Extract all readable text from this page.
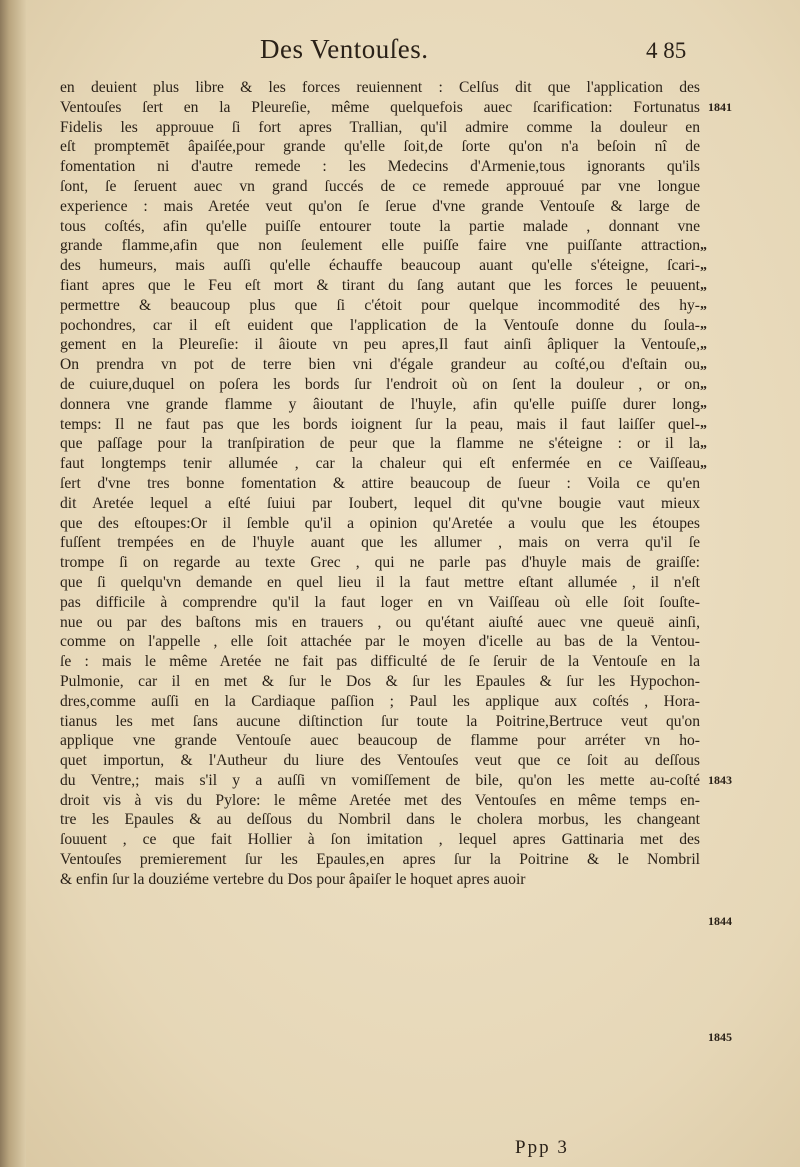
Des Ventouſes.	4 85
en deuient plus libre & les forces reuiennent : Celſus dit que l'application des
Ventouſes ſert en la Pleureſie, même quelquefois auec ſcarification: Fortunatus
Fidelis les approuue ſi fort apres Trallian, qu'il admire comme la douleur en
eſt promptemēt âpaiſée,pour grande qu'elle ſoit,de ſorte qu'on n'a beſoin nî de
fomentation ni d'autre remede : les Medecins d'Armenie,tous ignorants qu'ils
ſont, ſe ſeruent auec vn grand ſuccés de ce remede approuué par vne longue
experience : mais Aretée veut qu'on ſe ſerue d'vne grande Ventouſe & large de
tous coſtés, afin qu'elle puiſſe entourer toute la partie malade , donnant vne
grande flamme,afin que non ſeulement elle puiſſe faire vne puiſſante attraction
des humeurs, mais auſſi qu'elle échauffe beaucoup auant qu'elle s'éteigne, ſcari-
fiant apres que le Feu eſt mort & tirant du ſang autant que les forces le peuuent
permettre & beaucoup plus que ſi c'étoit pour quelque incommodité des hy-
pochondres, car il eſt euident que l'application de la Ventouſe donne du ſoula-
gement en la Pleureſie: il âioute vn peu apres,Il faut ainſi âpliquer la Ventouſe,
On prendra vn pot de terre bien vni d'égale grandeur au coſté,ou d'eſtain ou
de cuiure,duquel on poſera les bords ſur l'endroit où on ſent la douleur , or on
donnera vne grande flamme y âioutant de l'huyle, afin qu'elle puiſſe durer long
temps: Il ne faut pas que les bords ioignent ſur la peau, mais il faut laiſſer quel-
que paſſage pour la tranſpiration de peur que la flamme ne s'éteigne : or il la
faut longtemps tenir allumée , car la chaleur qui eſt enfermée en ce Vaiſſeau
ſert d'vne tres bonne fomentation & attire beaucoup de ſueur : Voila ce qu'en
dit Aretée lequel a eſté ſuiui par Ioubert, lequel dit qu'vne bougie vaut mieux
que des eſtoupes:Or il ſemble qu'il a opinion qu'Aretée a voulu que les étoupes
fuſſent trempées en de l'huyle auant que les allumer , mais on verra qu'il ſe
trompe ſi on regarde au texte Grec , qui ne parle pas d'huyle mais de graiſſe:
que ſi quelqu'vn demande en quel lieu il la faut mettre eſtant allumée , il n'eſt
pas difficile à comprendre qu'il la faut loger en vn Vaiſſeau où elle ſoit ſouſte-
nue ou par des baſtons mis en trauers , ou qu'étant aiuſté auec vne queuë ainſi,
comme on l'appelle , elle ſoit attachée par le moyen d'icelle au bas de la Ventou-
ſe : mais le même Aretée ne fait pas difficulté de ſe ſeruir de la Ventouſe en la
Pulmonie, car il en met & ſur le Dos & ſur les Epaules & ſur les Hypochon-
dres,comme auſſi en la Cardiaque paſſion ; Paul les applique aux coſtés , Hora-
tianus les met ſans aucune diſtinction ſur toute la Poitrine,Bertruce veut qu'on
applique vne grande Ventouſe auec beaucoup de flamme pour arréter vn ho-
quet importun, & l'Autheur du liure des Ventouſes veut que ce ſoit au deſſous
du Ventre,; mais s'il y a auſſi vn vomiſſement de bile, qu'on les mette au-coſté
droit vis à vis du Pylore: le même Aretée met des Ventouſes en même temps en-
tre les Epaules & au deſſous du Nombril dans le cholera morbus, les changeant
ſouuent , ce que fait Hollier à ſon imitation , lequel apres Gattinaria met des
Ventouſes premierement ſur les Epaules,en apres ſur la Poitrine & le Nombril
& enfin ſur la douziéme vertebre du Dos pour âpaiſer le hoquet apres auoir
1841
1843
1844
1845
„
„
„
„
„
„
„
„
„
„
„
„
Ppp 3
